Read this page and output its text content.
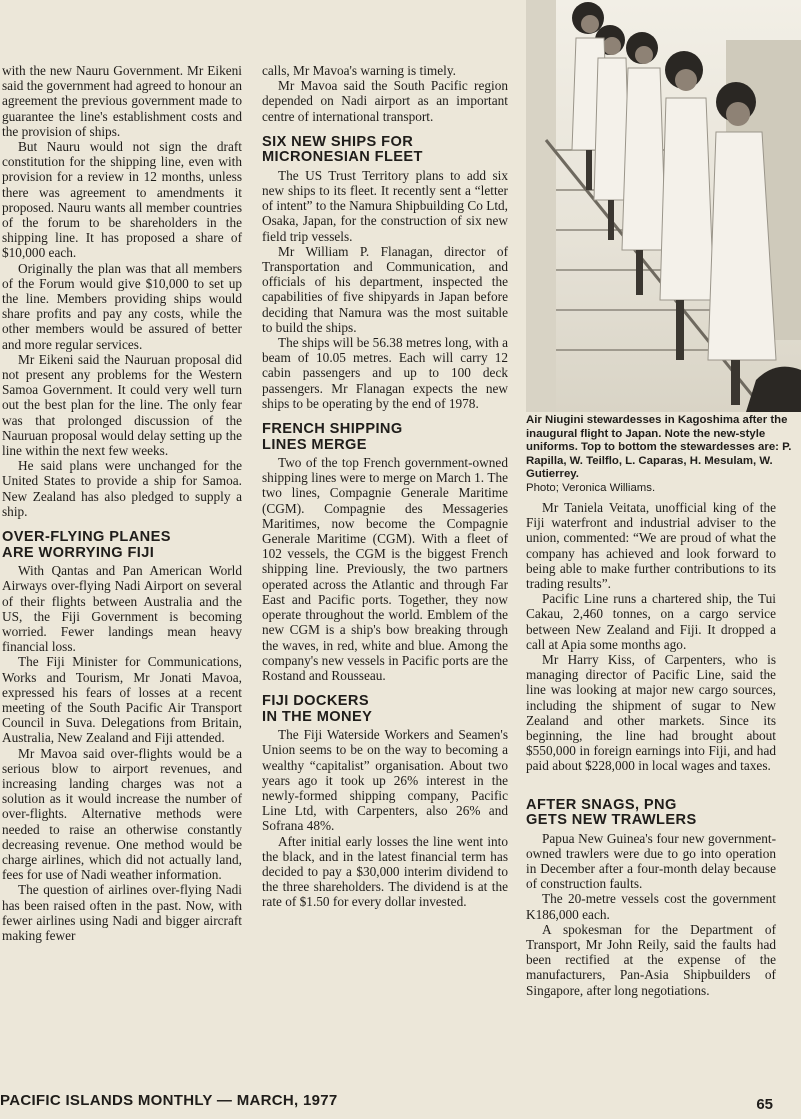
Air Niugini stewardesses in Kagoshima after the inaugural flight to Japan. Note the new-style uniforms. Top to bottom the stewardesses are: P. Rapilla, W. Teilflo, L. Caparas, H. Mesulam, W. Gutierrey.
Photo; Veronica Williams.

with the new Nauru Government. Mr Eikeni said the government had agreed to honour an agreement the previous government made to guarantee the line's establishment costs and the provision of ships.

But Nauru would not sign the draft constitution for the shipping line, even with provision for a review in 12 months, unless there was agreement to amendments it proposed. Nauru wants all member countries of the forum to be shareholders in the shipping line. It has proposed a share of $10,000 each.

Originally the plan was that all members of the Forum would give $10,000 to set up the line. Members providing ships would share profits and pay any costs, while the other members would be assured of better and more regular services.

Mr Eikeni said the Nauruan proposal did not present any problems for the Western Samoa Government. It could very well turn out the best plan for the line. The only fear was that prolonged discussion of the Nauruan proposal would delay setting up the line within the next few weeks.

He said plans were unchanged for the United States to provide a ship for Samoa. New Zealand has also pledged to supply a ship.

OVER-FLYING PLANES
ARE WORRYING FIJI

With Qantas and Pan American World Airways over-flying Nadi Airport on several of their flights between Australia and the US, the Fiji Government is becoming worried. Fewer landings mean heavy financial loss.

The Fiji Minister for Communications, Works and Tourism, Mr Jonati Mavoa, expressed his fears of losses at a recent meeting of the South Pacific Air Transport Council in Suva. Delegations from Britain, Australia, New Zealand and Fiji attended.

Mr Mavoa said over-flights would be a serious blow to airport revenues, and increasing landing charges was not a solution as it would increase the number of over-flights. Alternative methods were needed to raise an otherwise constantly decreasing revenue. One method would be charge airlines, which did not actually land, fees for use of Nadi weather information.

The question of airlines over-flying Nadi has been raised often in the past. Now, with fewer airlines using Nadi and bigger aircraft making fewer

calls, Mr Mavoa's warning is timely.

Mr Mavoa said the South Pacific region depended on Nadi airport as an important centre of international transport.

SIX NEW SHIPS FOR
MICRONESIAN FLEET

The US Trust Territory plans to add six new ships to its fleet. It recently sent a “letter of intent” to the Namura Shipbuilding Co Ltd, Osaka, Japan, for the construction of six new field trip vessels.

Mr William P. Flanagan, director of Transportation and Communication, and officials of his department, inspected the capabilities of five shipyards in Japan before deciding that Namura was the most suitable to build the ships.

The ships will be 56.38 metres long, with a beam of 10.05 metres. Each will carry 12 cabin passengers and up to 100 deck passengers. Mr Flanagan expects the new ships to be operating by the end of 1978.

FRENCH SHIPPING
LINES MERGE

Two of the top French government-owned shipping lines were to merge on March 1. The two lines, Compagnie Generale Maritime (CGM). Compagnie des Messageries Maritimes, now become the Compagnie Generale Maritime (CGM). With a fleet of 102 vessels, the CGM is the biggest French shipping line. Previously, the two partners operated across the Atlantic and through Far East and Pacific ports. Together, they now operate throughout the world. Emblem of the new CGM is a ship's bow breaking through the waves, in red, white and blue. Among the company's new vessels in Pacific ports are the Rostand and Rousseau.

FIJI DOCKERS
IN THE MONEY

The Fiji Waterside Workers and Seamen's Union seems to be on the way to becoming a wealthy “capitalist” organisation. About two years ago it took up 26% interest in the newly-formed shipping company, Pacific Line Ltd, with Carpenters, also 26% and Sofrana 48%.

After initial early losses the line went into the black, and in the latest financial term has decided to pay a $30,000 interim dividend to the three shareholders. The dividend is at the rate of $1.50 for every dollar invested.

Mr Taniela Veitata, unofficial king of the Fiji waterfront and industrial adviser to the union, commented: “We are proud of what the company has achieved and look forward to being able to make further contributions to its trading results”.

Pacific Line runs a chartered ship, the Tui Cakau, 2,460 tonnes, on a cargo service between New Zealand and Fiji. It dropped a call at Apia some months ago.

Mr Harry Kiss, of Carpenters, who is managing director of Pacific Line, said the line was looking at major new cargo sources, including the shipment of sugar to New Zealand and other markets. Since its beginning, the line had brought about $550,000 in foreign earnings into Fiji, and had paid about $228,000 in local wages and taxes.

AFTER SNAGS, PNG
GETS NEW TRAWLERS

Papua New Guinea's four new government-owned trawlers were due to go into operation in December after a four-month delay because of construction faults.

The 20-metre vessels cost the government K186,000 each.

A spokesman for the Department of Transport, Mr John Reily, said the faults had been rectified at the expense of the manufacturers, Pan-Asia Shipbuilders of Singapore, after long negotiations.

PACIFIC ISLANDS MONTHLY — MARCH, 1977	65
